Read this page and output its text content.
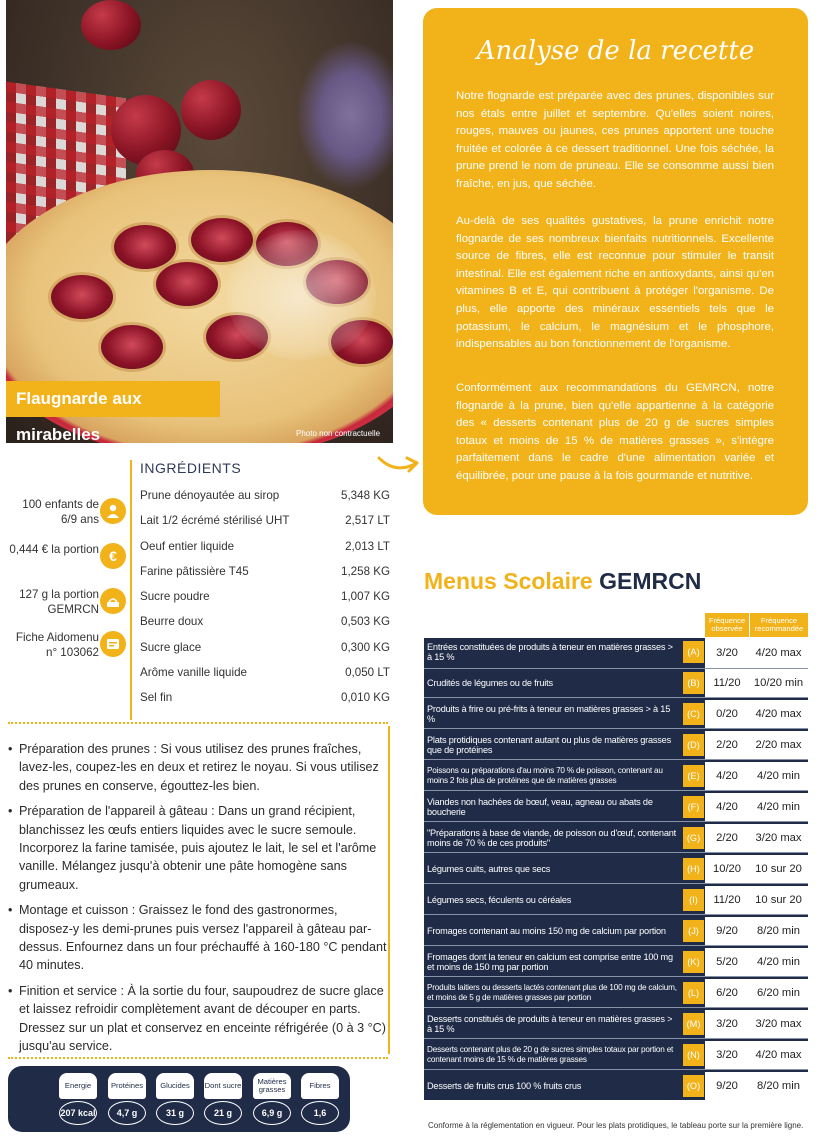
Flaugnarde aux mirabelles	Photo non contractuelle
Analyse de la recette

Notre flognarde est préparée avec des prunes, disponibles sur nos étals entre juillet et septembre. Qu'elles soient noires, rouges, mauves ou jaunes, ces prunes apportent une touche fruitée et colorée à ce dessert traditionnel. Une fois séchée, la prune prend le nom de pruneau. Elle se consomme aussi bien fraîche, en jus, que séchée.

Au-delà de ses qualités gustatives, la prune enrichit notre flognarde de ses nombreux bienfaits nutritionnels. Excellente source de fibres, elle est reconnue pour stimuler le transit intestinal. Elle est également riche en antioxydants, ainsi qu'en vitamines B et E, qui contribuent à protéger l'organisme. De plus, elle apporte des minéraux essentiels tels que le potassium, le calcium, le magnésium et le phosphore, indispensables au bon fonctionnement de l'organisme.

Conformément aux recommandations du GEMRCN, notre flognarde à la prune, bien qu'elle appartienne à la catégorie des « desserts contenant plus de 20 g de sucres simples totaux et moins de 15 % de matières grasses », s'intègre parfaitement dans le cadre d'une alimentation variée et équilibrée, pour une pause à la fois gourmande et nutritive.

100 enfants de 6/9 ans
0,444 € la portion €
127 g la portion GEMRCN
Fiche Aidomenu n° 103062
INGRÉDIENTS
Prune dénoyautée au sirop	5,348 KG
Lait 1/2 écrémé stérilisé UHT	2,517 LT
Oeuf entier liquide	2,013 LT
Farine pâtissière T45	1,258 KG
Sucre poudre	1,007 KG
Beurre doux	0,503 KG
Sucre glace	0,300 KG
Arôme vanille liquide	0,050 LT
Sel fin	0,010 KG
• Préparation des prunes : Si vous utilisez des prunes fraîches, lavez-les, coupez-les en deux et retirez le noyau. Si vous utilisez des prunes en conserve, égouttez-les bien.
• Préparation de l'appareil à gâteau : Dans un grand récipient, blanchissez les œufs entiers liquides avec le sucre semoule. Incorporez la farine tamisée, puis ajoutez le lait, le sel et l'arôme vanille. Mélangez jusqu'à obtenir une pâte homogène sans grumeaux.
• Montage et cuisson : Graissez le fond des gastronormes, disposez-y les demi-prunes puis versez l'appareil à gâteau par-dessus. Enfournez dans un four préchauffé à 160-180 °C pendant 40 minutes.
• Finition et service : À la sortie du four, saupoudrez de sucre glace et laissez refroidir complètement avant de découper en parts. Dressez sur un plat et conservez en enceinte réfrigérée (0 à 3 °C) jusqu'au service.
Energie
207 kcal
Protéines
4,7 g
Glucides
31 g
Dont sucre
21 g
Matières grasses
6,9 g
Fibres
1,6
Menus Scolaire GEMRCN
Fréquence observée
Fréquence recommandée
Entrées constituées de produits à teneur en matières grasses > à 15 %	(A)	3/20	4/20 max
Crudités de légumes ou de fruits	(B)	11/20	10/20 min
Produits à frire ou pré-frits à teneur en matières grasses > à 15 %	(C)	0/20	4/20 max
Plats protidiques contenant autant ou plus de matières grasses que de protéines	(D)	2/20	2/20 max
Poissons ou préparations d'au moins 70 % de poisson, contenant au moins 2 fois plus de protéines que de matières grasses	(E)	4/20	4/20 min
Viandes non hachées de bœuf, veau, agneau ou abats de boucherie	(F)	4/20	4/20 min
"Préparations à base de viande, de poisson ou d'œuf, contenant moins de 70 % de ces produits"	(G)	2/20	3/20 max
Légumes cuits, autres que secs	(H)	10/20	10 sur 20
Légumes secs, féculents ou céréales	(I)	11/20	10 sur 20
Fromages contenant au moins 150 mg de calcium par portion	(J)	9/20	8/20 min
Fromages dont la teneur en calcium est comprise entre 100 mg et moins de 150 mg par portion	(K)	5/20	4/20 min
Produits laitiers ou desserts lactés contenant plus de 100 mg de calcium, et moins de 5 g de matières grasses par portion	(L)	6/20	6/20 min
Desserts constitués de produits à teneur en matières grasses > à 15 %	(M)	3/20	3/20 max
Desserts contenant plus de 20 g de sucres simples totaux par portion et contenant moins de 15 % de matières grasses	(N)	3/20	4/20 max
Desserts de fruits crus 100 % fruits crus	(O)	9/20	8/20 min
Conforme à la réglementation en vigueur. Pour les plats protidiques, le tableau porte sur la première ligne.
